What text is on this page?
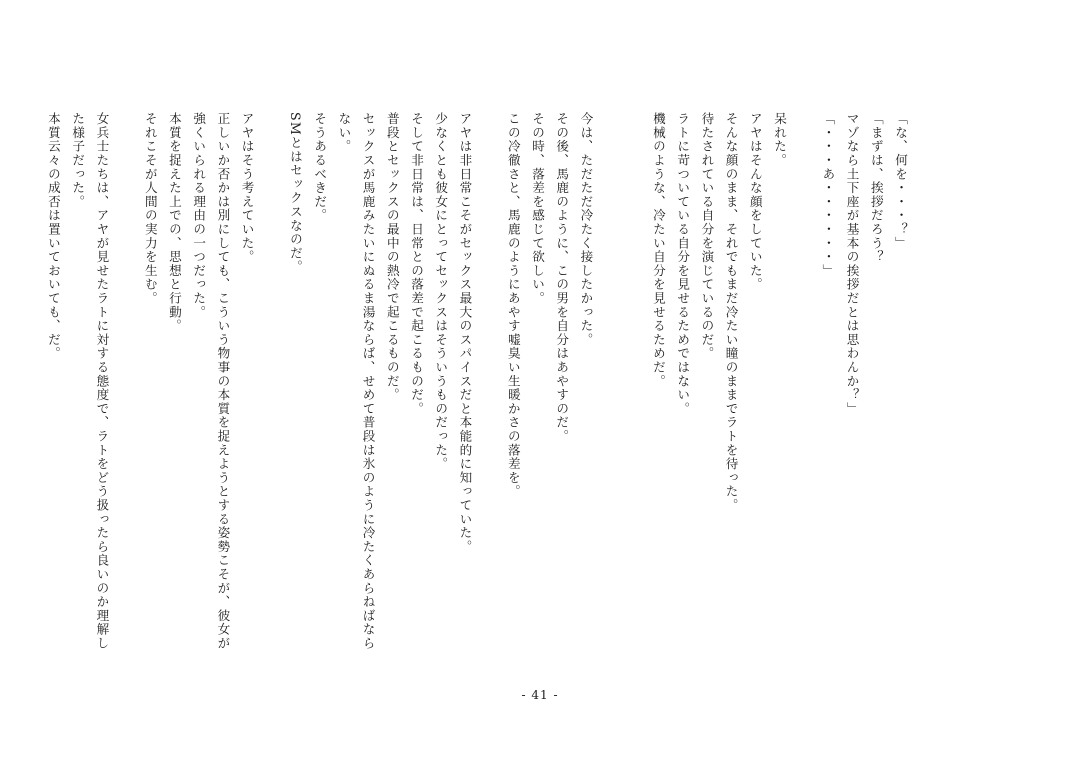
「な、何を・・・？」
「まずは、挨拶だろう？
マゾなら土下座が基本の挨拶だとは思わんか？」
「・・・あ・・・・・・」
呆れた。
アヤはそんな顔をしていた。
そんな顔のまま、それでもまだ冷たい瞳のままでラトを待った。
待たされている自分を演じているのだ。
ラトに苛ついている自分を見せるためではない。
機械のような、冷たい自分を見せるためだ。
今は、ただただ冷たく接したかった。
その後、馬鹿のように、この男を自分はあやすのだ。
その時、落差を感じて欲しい。
この冷徹さと、馬鹿のようにあやす嘘臭い生暖かさの落差を。
アヤは非日常こそがセックス最大のスパイスだと本能的に知っていた。
少なくとも彼女にとってセックスはそういうものだった。
そして非日常は、日常との落差で起こるものだ。
普段とセックスの最中の熱冷で起こるものだ。
セックスが馬鹿みたいにぬるま湯ならば、せめて普段は氷のように冷たくあらねばなら
ない。
そうあるべきだ。
SMとはセックスなのだ。
アヤはそう考えていた。
正しいか否かは別にしても、こういう物事の本質を捉えようとする姿勢こそが、彼女が
強くいられる理由の一つだった。
本質を捉えた上での、思想と行動。
それこそが人間の実力を生む。
女兵士たちは、アヤが見せたラトに対する態度で、ラトをどう扱ったら良いのか理解し
た様子だった。
本質云々の成否は置いておいても、だ。
- 41 -
